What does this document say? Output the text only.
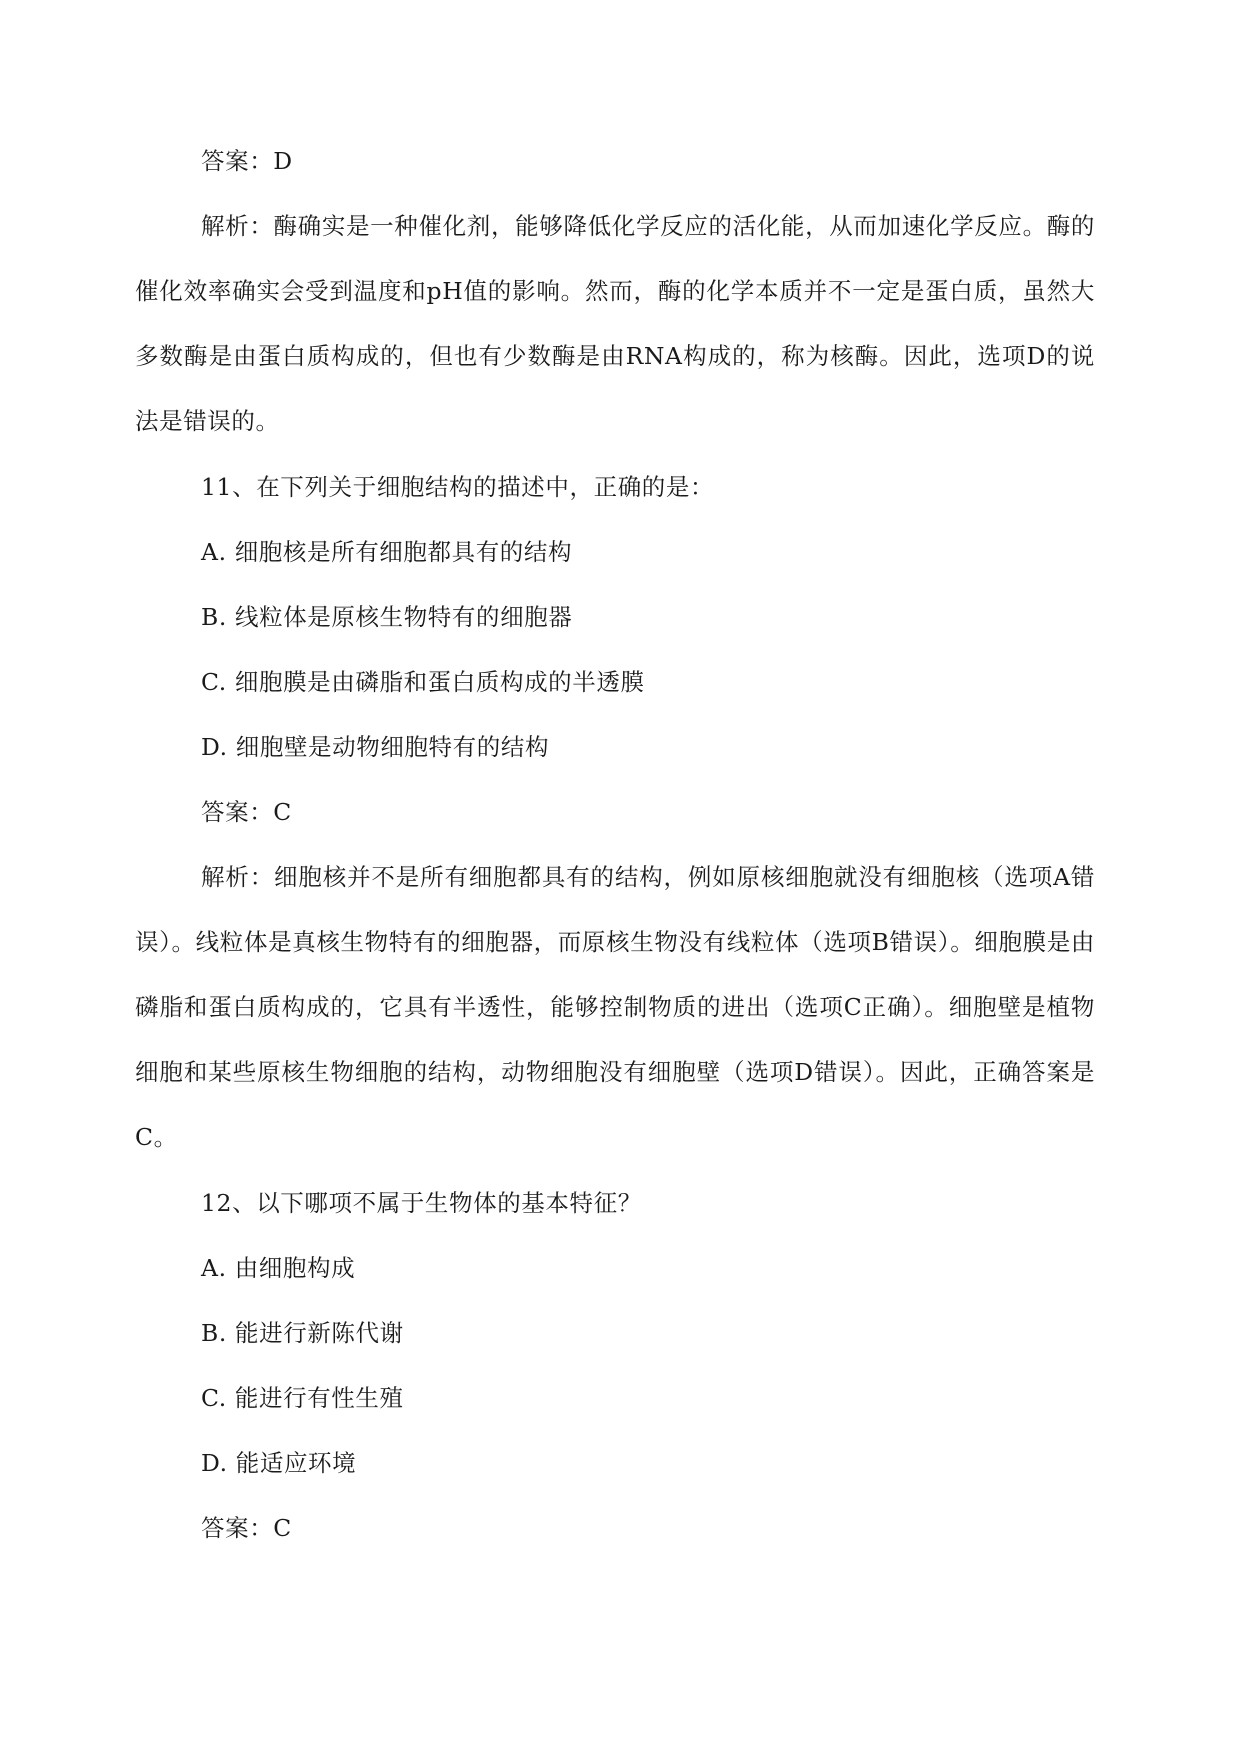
答案：D

解析：酶确实是一种催化剂，能够降低化学反应的活化能，从而加速化学反应。酶的催化效率确实会受到温度和pH值的影响。然而，酶的化学本质并不一定是蛋白质，虽然大多数酶是由蛋白质构成的，但也有少数酶是由RNA构成的，称为核酶。因此，选项D的说法是错误的。

11、在下列关于细胞结构的描述中，正确的是：
A. 细胞核是所有细胞都具有的结构
B. 线粒体是原核生物特有的细胞器
C. 细胞膜是由磷脂和蛋白质构成的半透膜
D. 细胞壁是动物细胞特有的结构
答案：C

解析：细胞核并不是所有细胞都具有的结构，例如原核细胞就没有细胞核（选项A错误）。线粒体是真核生物特有的细胞器，而原核生物没有线粒体（选项B错误）。细胞膜是由磷脂和蛋白质构成的，它具有半透性，能够控制物质的进出（选项C正确）。细胞壁是植物细胞和某些原核生物细胞的结构，动物细胞没有细胞壁（选项D错误）。因此，正确答案是C。

12、以下哪项不属于生物体的基本特征？
A. 由细胞构成
B. 能进行新陈代谢
C. 能进行有性生殖
D. 能适应环境
答案：C
